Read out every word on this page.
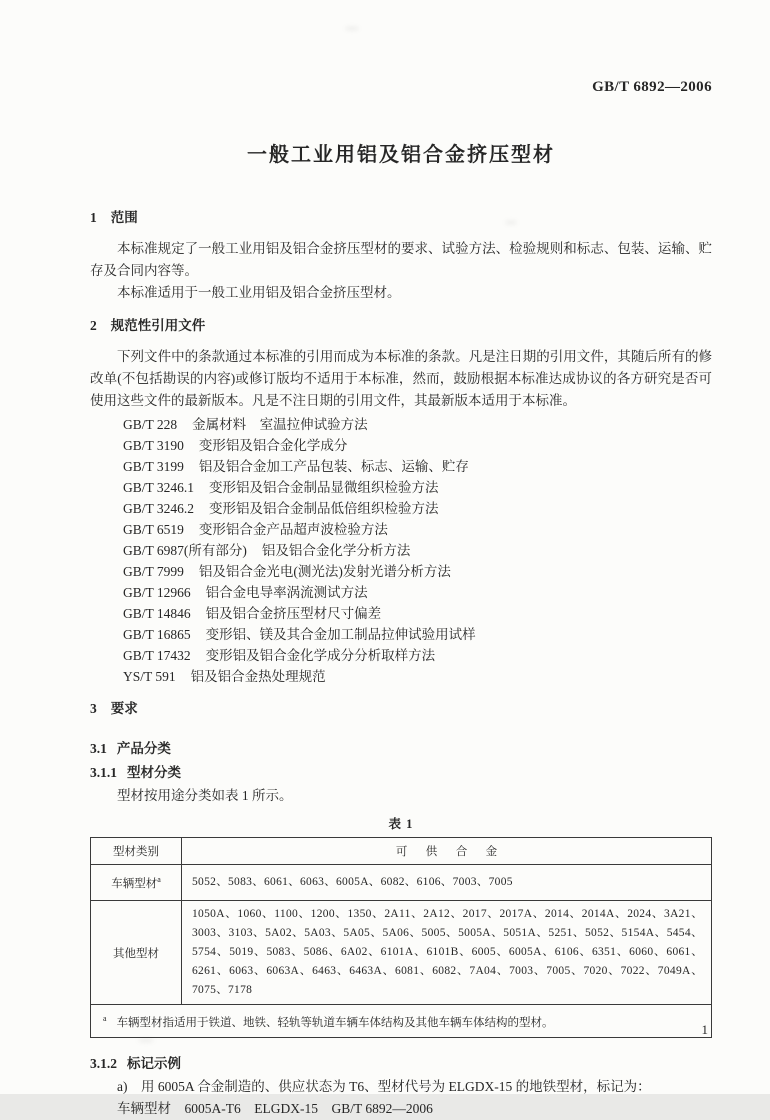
GB/T 6892—2006
一般工业用铝及铝合金挤压型材
1 范围

本标准规定了一般工业用铝及铝合金挤压型材的要求、试验方法、检验规则和标志、包装、运输、贮存及合同内容等。

本标准适用于一般工业用铝及铝合金挤压型材。

2 规范性引用文件

下列文件中的条款通过本标准的引用而成为本标准的条款。凡是注日期的引用文件，其随后所有的修改单(不包括勘误的内容)或修订版均不适用于本标准，然而，鼓励根据本标准达成协议的各方研究是否可使用这些文件的最新版本。凡是不注日期的引用文件，其最新版本适用于本标准。

GB/T 228 金属材料　室温拉伸试验方法
GB/T 3190 变形铝及铝合金化学成分
GB/T 3199 铝及铝合金加工产品包装、标志、运输、贮存
GB/T 3246.1 变形铝及铝合金制品显微组织检验方法
GB/T 3246.2 变形铝及铝合金制品低倍组织检验方法
GB/T 6519 变形铝合金产品超声波检验方法
GB/T 6987(所有部分) 铝及铝合金化学分析方法
GB/T 7999 铝及铝合金光电(测光法)发射光谱分析方法
GB/T 12966 铝合金电导率涡流测试方法
GB/T 14846 铝及铝合金挤压型材尺寸偏差
GB/T 16865 变形铝、镁及其合金加工制品拉伸试验用试样
GB/T 17432 变形铝及铝合金化学成分分析取样方法
YS/T 591 铝及铝合金热处理规范
3 要求
3.1 产品分类
3.1.1 型材分类

型材按用途分类如表 1 所示。

表 1
型材类别	可供合金
车辆型材$^a$	5052、5083、6061、6063、6005A、6082、6106、7003、7005
其他型材	1050A、1060、1100、1200、1350、2A11、2A12、2017、2017A、2014、2014A、2024、3A21、3003、3103、5A02、5A03、5A05、5A06、5005、5005A、5051A、5251、5052、5154A、5454、5754、5019、5083、5086、6A02、6101A、6101B、6005、6005A、6106、6351、6060、6061、6261、6063、6063A、6463、6463A、6081、6082、7A04、7003、7005、7020、7022、7049A、7075、7178
$^a$ 车辆型材指适用于铁道、地铁、轻轨等轨道车辆车体结构及其他车辆车体结构的型材。	
3.1.2 标记示例

a)　用 6005A 合金制造的、供应状态为 T6、型材代号为 ELGDX-15 的地铁型材，标记为：

车辆型材　6005A-T6　ELGDX-15　GB/T 6892—2006

1
